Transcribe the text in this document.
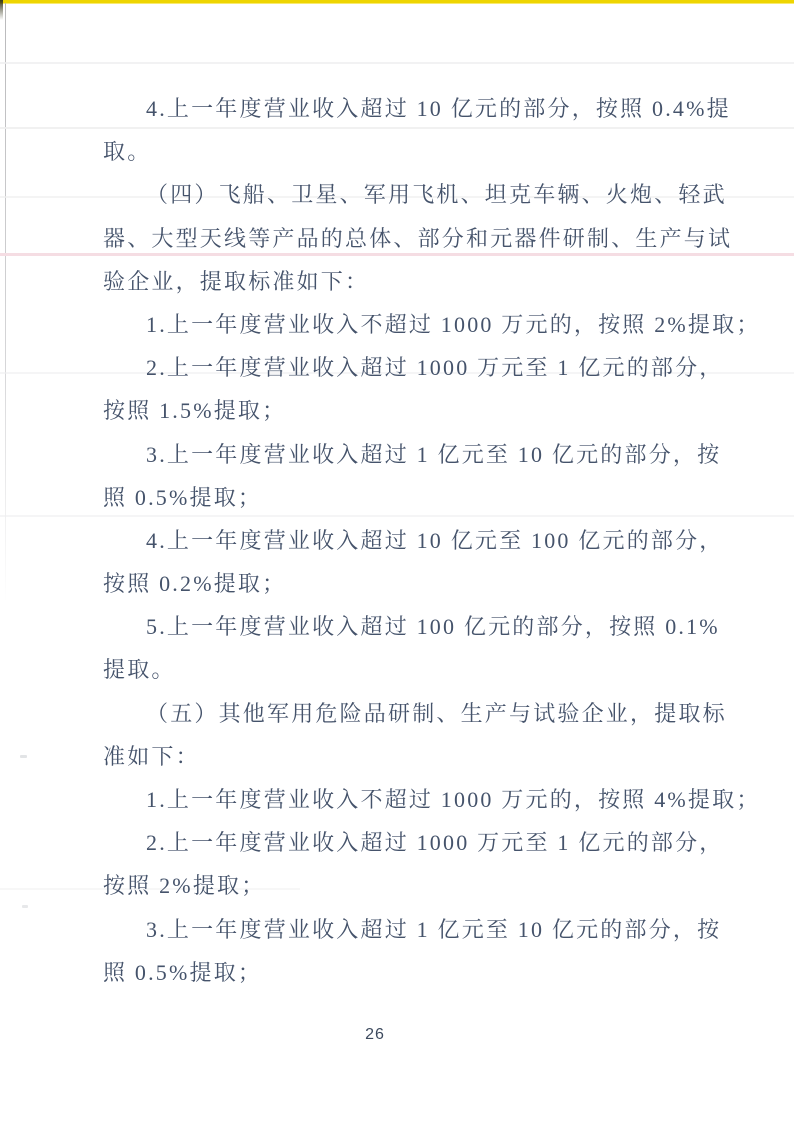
4.上一年度营业收入超过 10 亿元的部分，按照 0.4%提
取。
（四）飞船、卫星、军用飞机、坦克车辆、火炮、轻武
器、大型天线等产品的总体、部分和元器件研制、生产与试
验企业，提取标准如下：
1.上一年度营业收入不超过 1000 万元的，按照 2%提取；
2.上一年度营业收入超过 1000 万元至 1 亿元的部分，
按照 1.5%提取；
3.上一年度营业收入超过 1 亿元至 10 亿元的部分，按
照 0.5%提取；
4.上一年度营业收入超过 10 亿元至 100 亿元的部分，
按照 0.2%提取；
5.上一年度营业收入超过 100 亿元的部分，按照 0.1%
提取。
（五）其他军用危险品研制、生产与试验企业，提取标
准如下：
1.上一年度营业收入不超过 1000 万元的，按照 4%提取；
2.上一年度营业收入超过 1000 万元至 1 亿元的部分，
按照 2%提取；
3.上一年度营业收入超过 1 亿元至 10 亿元的部分，按
照 0.5%提取；
26
